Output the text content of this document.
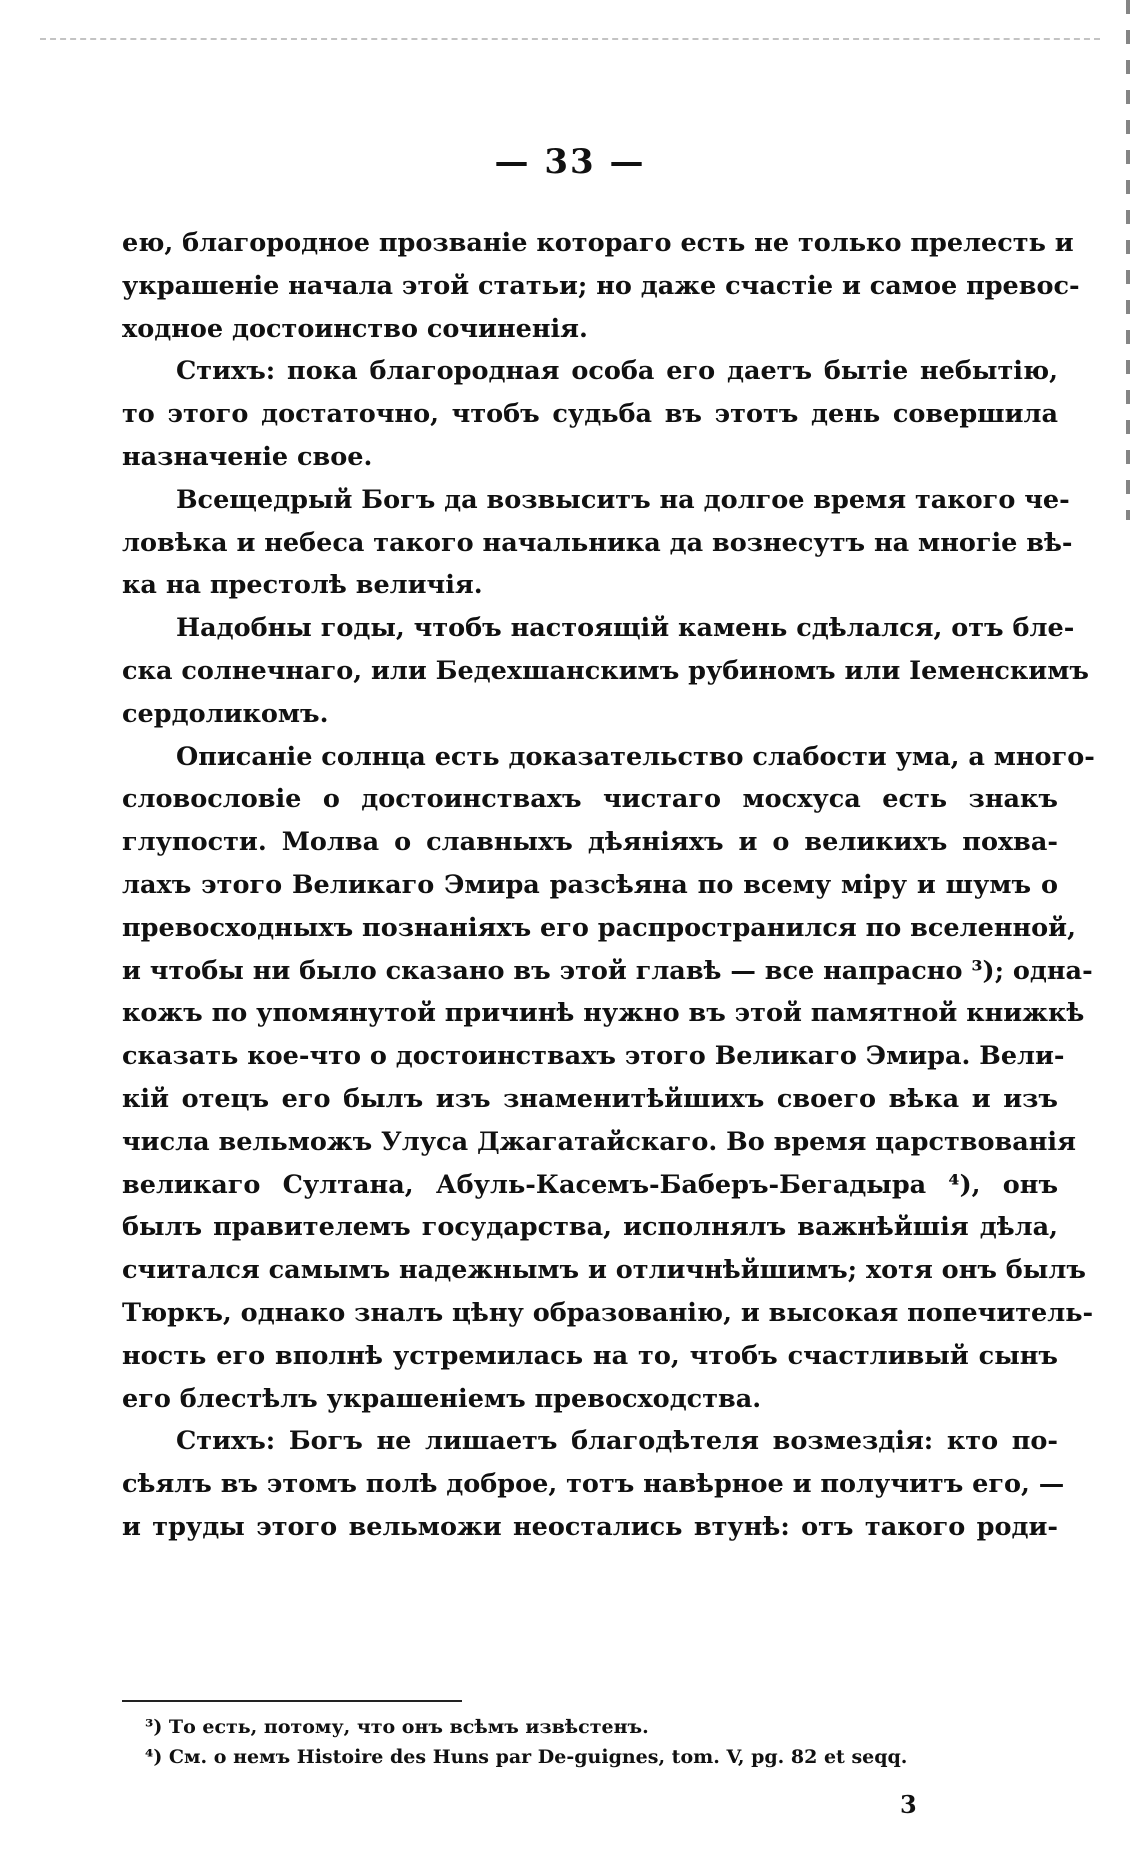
— 33 —
ею, благородное прозваніе котораго есть не только прелесть и
украшеніе начала этой статьи; но даже счастіе и самое превос-
ходное достоинство сочиненія.
Стихъ: пока благородная особа его даетъ бытіе небытію,
то этого достаточно, чтобъ судьба въ этотъ день совершила
назначеніе свое.
Всещедрый Богъ да возвыситъ на долгое время такого че-
ловѣка и небеса такого начальника да вознесутъ на многіе вѣ-
ка на престолѣ величія.
Надобны годы, чтобъ настоящій камень сдѣлался, отъ бле-
ска солнечнаго, или Бедехшанскимъ рубиномъ или Іеменскимъ
сердоликомъ.
Описаніе солнца есть доказательство слабости ума, а много-
словословіе о достоинствахъ чистаго мосхуса есть знакъ
глупости. Молва о славныхъ дѣяніяхъ и о великихъ похва-
лахъ этого Великаго Эмира разсѣяна по всему міру и шумъ о
превосходныхъ познаніяхъ его распространился по вселенной,
и чтобы ни было сказано въ этой главѣ — все напрасно ³); однa-
кожъ по упомянутой причинѣ нужно въ этой памятной книжкѣ
сказать кое-что о достоинствахъ этого Великаго Эмира. Вели-
кій отецъ его былъ изъ знаменитѣйшихъ своего вѣка и изъ
числа вельможъ Улуса Джагатайскаго. Во время царствованія
великаго Султана, Абуль-Касемъ-Баберъ-Бегадыра ⁴), онъ
былъ правителемъ государства, исполнялъ важнѣйшія дѣла,
считался самымъ надежнымъ и отличнѣйшимъ; хотя онъ былъ
Тюркъ, однако зналъ цѣну образованію, и высокая попечитель-
ность его вполнѣ устремилась на то, чтобъ счастливый сынъ
его блестѣлъ украшеніемъ превосходства.
Стихъ: Богъ не лишаетъ благодѣтеля возмездія: кто по-
сѣялъ въ этомъ полѣ доброе, тотъ навѣрное и получитъ его, —
и труды этого вельможи неостались втунѣ: отъ такого роди-
³) То есть, потому, что онъ всѣмъ извѣстенъ.
⁴) См. о немъ Histoire des Huns par De-guignes, tom. V, pg. 82 et seqq.
3
